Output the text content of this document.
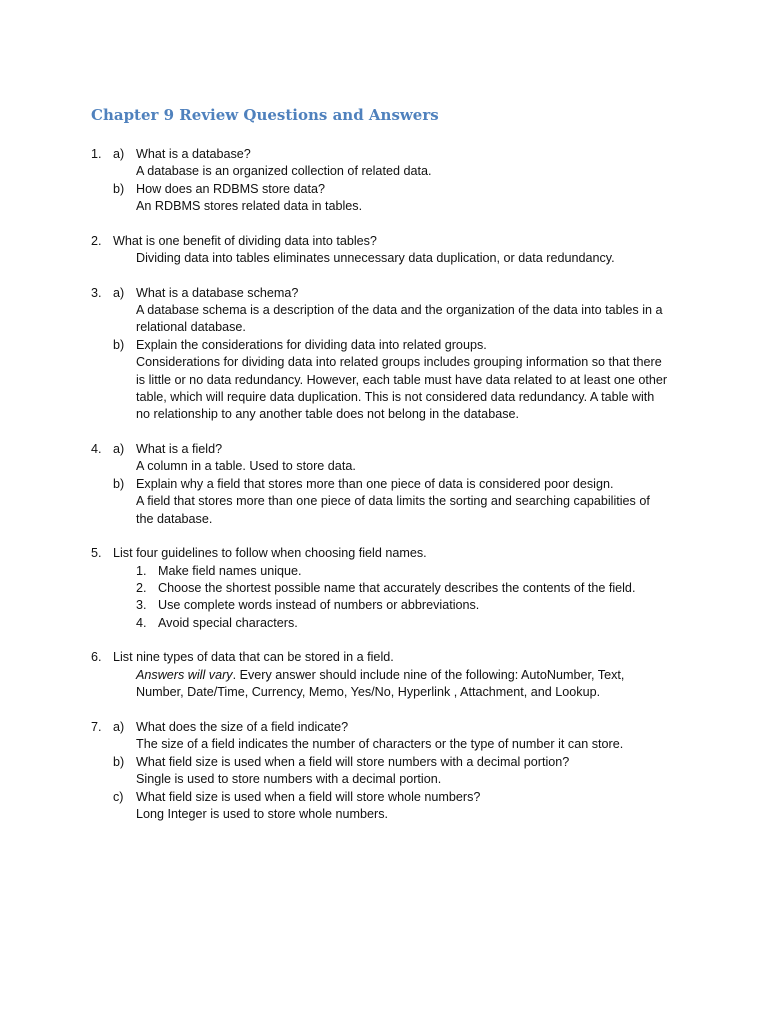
Chapter 9 Review Questions and Answers
1. a) What is a database?
A database is an organized collection of related data.
b) How does an RDBMS store data?
An RDBMS stores related data in tables.
2. What is one benefit of dividing data into tables?
Dividing data into tables eliminates unnecessary data duplication, or data redundancy.
3. a) What is a database schema?
A database schema is a description of the data and the organization of the data into tables in a
relational database.
b) Explain the considerations for dividing data into related groups.
Considerations for dividing data into related groups includes grouping information so that there
is little or no data redundancy. However, each table must have data related to at least one other
table, which will require data duplication. This is not considered data redundancy. A table with
no relationship to any another table does not belong in the database.
4. a) What is a field?
A column in a table. Used to store data.
b) Explain why a field that stores more than one piece of data is considered poor design.
A field that stores more than one piece of data limits the sorting and searching capabilities of
the database.
5. List four guidelines to follow when choosing field names.
1. Make field names unique.
2. Choose the shortest possible name that accurately describes the contents of the field.
3. Use complete words instead of numbers or abbreviations.
4. Avoid special characters.
6. List nine types of data that can be stored in a field.
Answers will vary. Every answer should include nine of the following: AutoNumber, Text,
Number, Date/Time, Currency, Memo, Yes/No, Hyperlink , Attachment, and Lookup.
7. a) What does the size of a field indicate?
The size of a field indicates the number of characters or the type of number it can store.
b) What field size is used when a field will store numbers with a decimal portion?
Single is used to store numbers with a decimal portion.
c) What field size is used when a field will store whole numbers?
Long Integer is used to store whole numbers.
